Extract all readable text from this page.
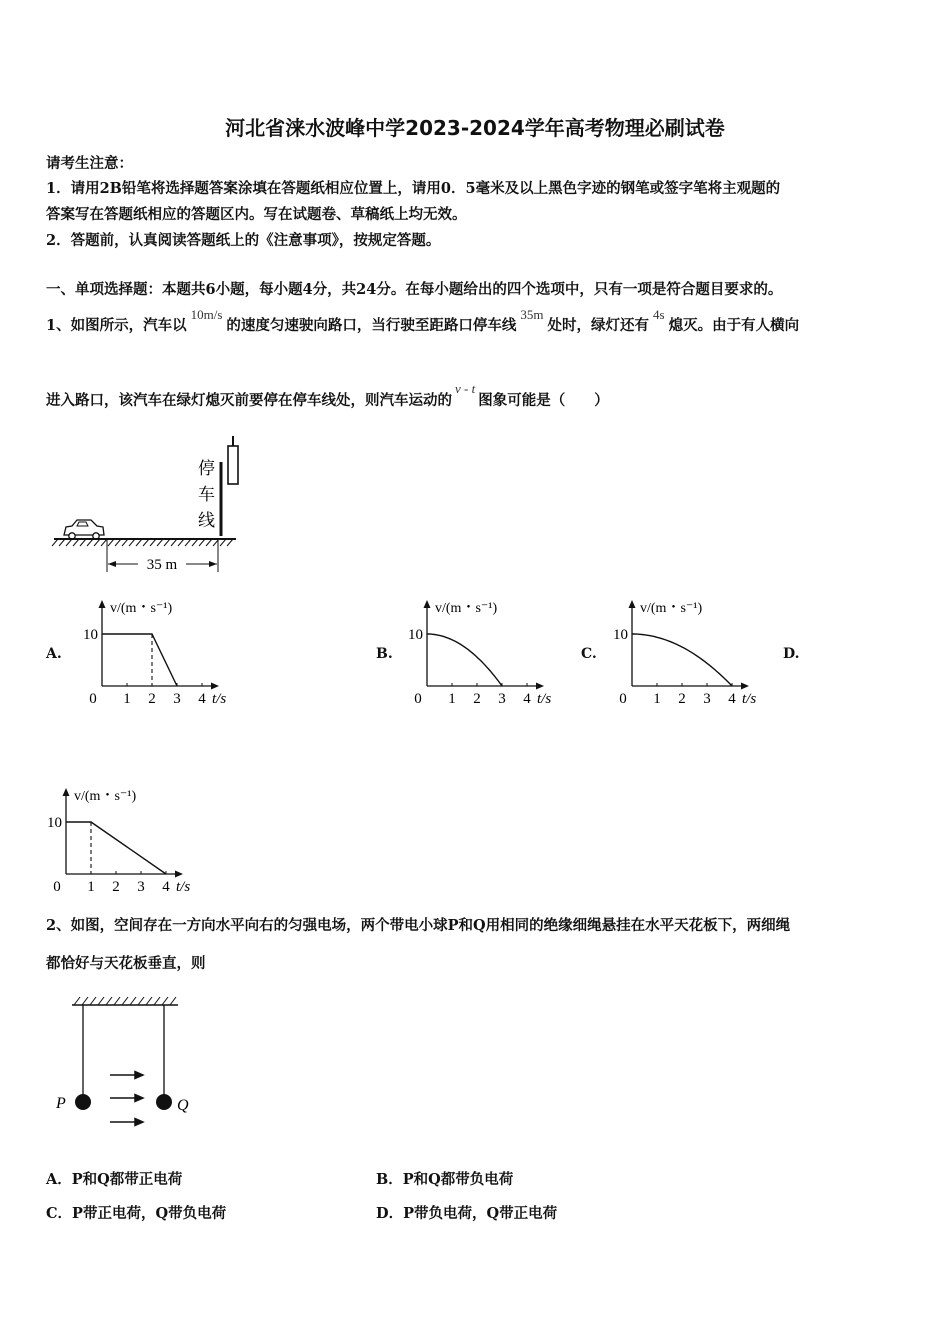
河北省涞水波峰中学2023-2024学年高考物理必刷试卷
请考生注意：
1．请用2B铅笔将选择题答案涂填在答题纸相应位置上，请用0．5毫米及以上黑色字迹的钢笔或签字笔将主观题的
答案写在答题纸相应的答题区内。写在试题卷、草稿纸上均无效。
2．答题前，认真阅读答题纸上的《注意事项》，按规定答题。
一、单项选择题：本题共6小题，每小题4分，共24分。在每小题给出的四个选项中，只有一项是符合题目要求的。
1、如图所示，汽车以10m/s的速度匀速驶向路口，当行驶至距路口停车线35m处时，绿灯还有4s熄灭。由于有人横向
进入路口，该汽车在绿灯熄灭前要停在停车线处，则汽车运动的v - t图象可能是（　　）
停
车
线
35 m
A.	B.	C.	D.
v/(m・s⁻¹)
10
0 1 2 3 4 t/s
v/(m・s⁻¹)
10
0 1 2 3 4 t/s
v/(m・s⁻¹)
10
0 1 2 3 4 t/s
v/(m・s⁻¹)
10
0 1 2 3 4 t/s
2、如图，空间存在一方向水平向右的匀强电场，两个带电小球P和Q用相同的绝缘细绳悬挂在水平天花板下，两细绳
都恰好与天花板垂直，则
P	Q
A．P和Q都带正电荷	B．P和Q都带负电荷
C．P带正电荷，Q带负电荷	D．P带负电荷，Q带正电荷
